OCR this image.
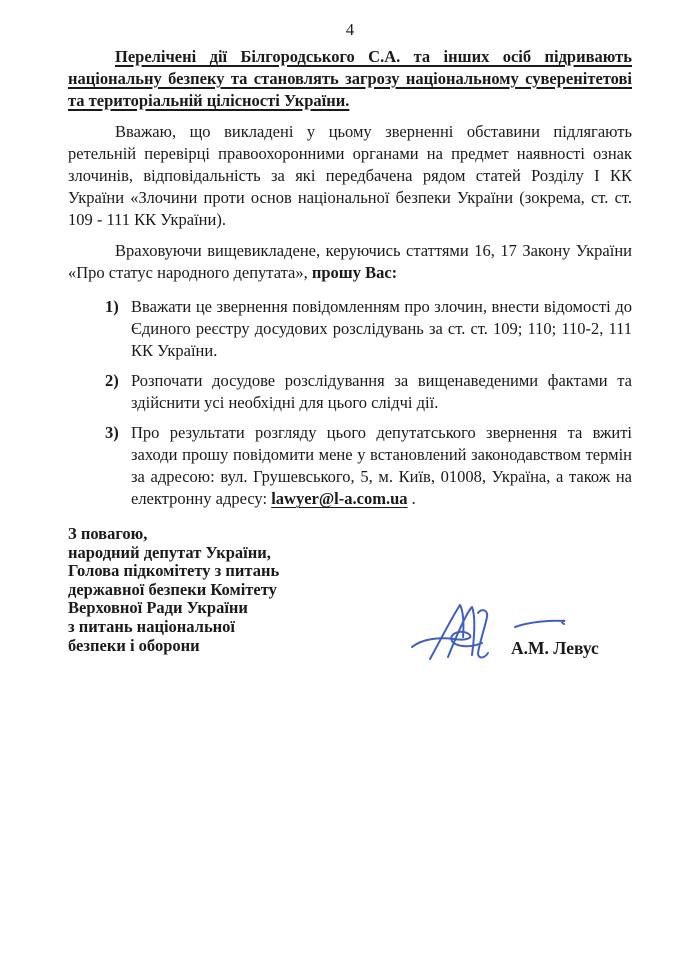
4

Перелічені дії Білгородського С.А. та інших осіб підривають національну безпеку та становлять загрозу національному суверенітетові та територіальній цілісності України.

Вважаю, що викладені у цьому зверненні обставини підлягають ретельній перевірці правоохоронними органами на предмет наявності ознак злочинів, відповідальність за які передбачена рядом статей Розділу І КК України «Злочини проти основ національної безпеки України (зокрема, ст. ст. 109 - 111 КК України).

Враховуючи вищевикладене, керуючись статтями 16, 17 Закону України «Про статус народного депутата», прошу Вас:

1) Вважати це звернення повідомленням про злочин, внести відомості до Єдиного реєстру досудових розслідувань за ст. ст. 109; 110; 110-2, 111 КК України.
2) Розпочати досудове розслідування за вищенаведеними фактами та здійснити усі необхідні для цього слідчі дії.
3) Про результати розгляду цього депутатського звернення та вжиті заходи прошу повідомити мене у встановлений законодавством термін за адресою: вул. Грушевського, 5, м. Київ, 01008, Україна, а також на електронну адресу: lawyer@l-a.com.ua .
З повагою,
народний депутат України,
Голова підкомітету з питань
державної безпеки Комітету
Верховної Ради України
з питань національної
безпеки і оборони	А.М. Левус
